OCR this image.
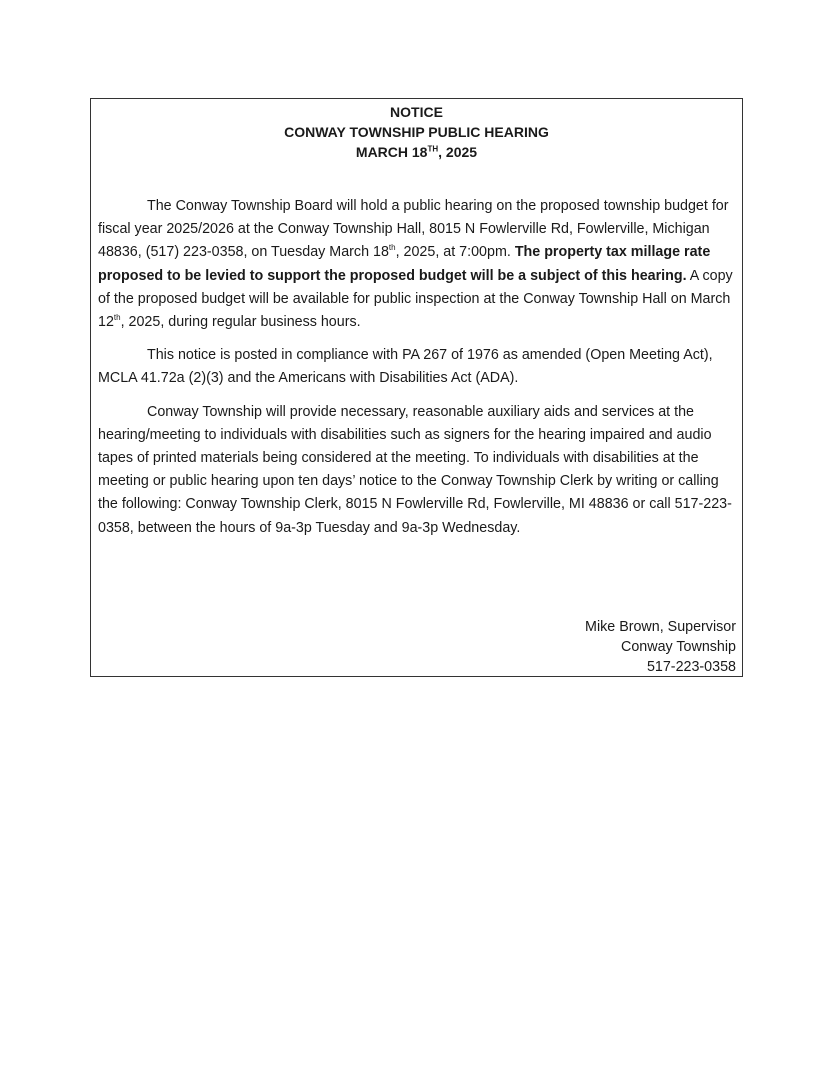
NOTICE
CONWAY TOWNSHIP PUBLIC HEARING
MARCH 18TH, 2025

The Conway Township Board will hold a public hearing on the proposed township budget for fiscal year 2025/2026 at the Conway Township Hall, 8015 N Fowlerville Rd, Fowlerville, Michigan 48836, (517) 223-0358, on Tuesday March 18th, 2025, at 7:00pm. The property tax millage rate proposed to be levied to support the proposed budget will be a subject of this hearing. A copy of the proposed budget will be available for public inspection at the Conway Township Hall on March 12th, 2025, during regular business hours.

This notice is posted in compliance with PA 267 of 1976 as amended (Open Meeting Act), MCLA 41.72a (2)(3) and the Americans with Disabilities Act (ADA).

Conway Township will provide necessary, reasonable auxiliary aids and services at the hearing/meeting to individuals with disabilities such as signers for the hearing impaired and audio tapes of printed materials being considered at the meeting. To individuals with disabilities at the meeting or public hearing upon ten days’ notice to the Conway Township Clerk by writing or calling the following: Conway Township Clerk, 8015 N Fowlerville Rd, Fowlerville, MI 48836 or call 517-223-0358, between the hours of 9a-3p Tuesday and 9a-3p Wednesday.

Mike Brown, Supervisor
Conway Township
517-223-0358
